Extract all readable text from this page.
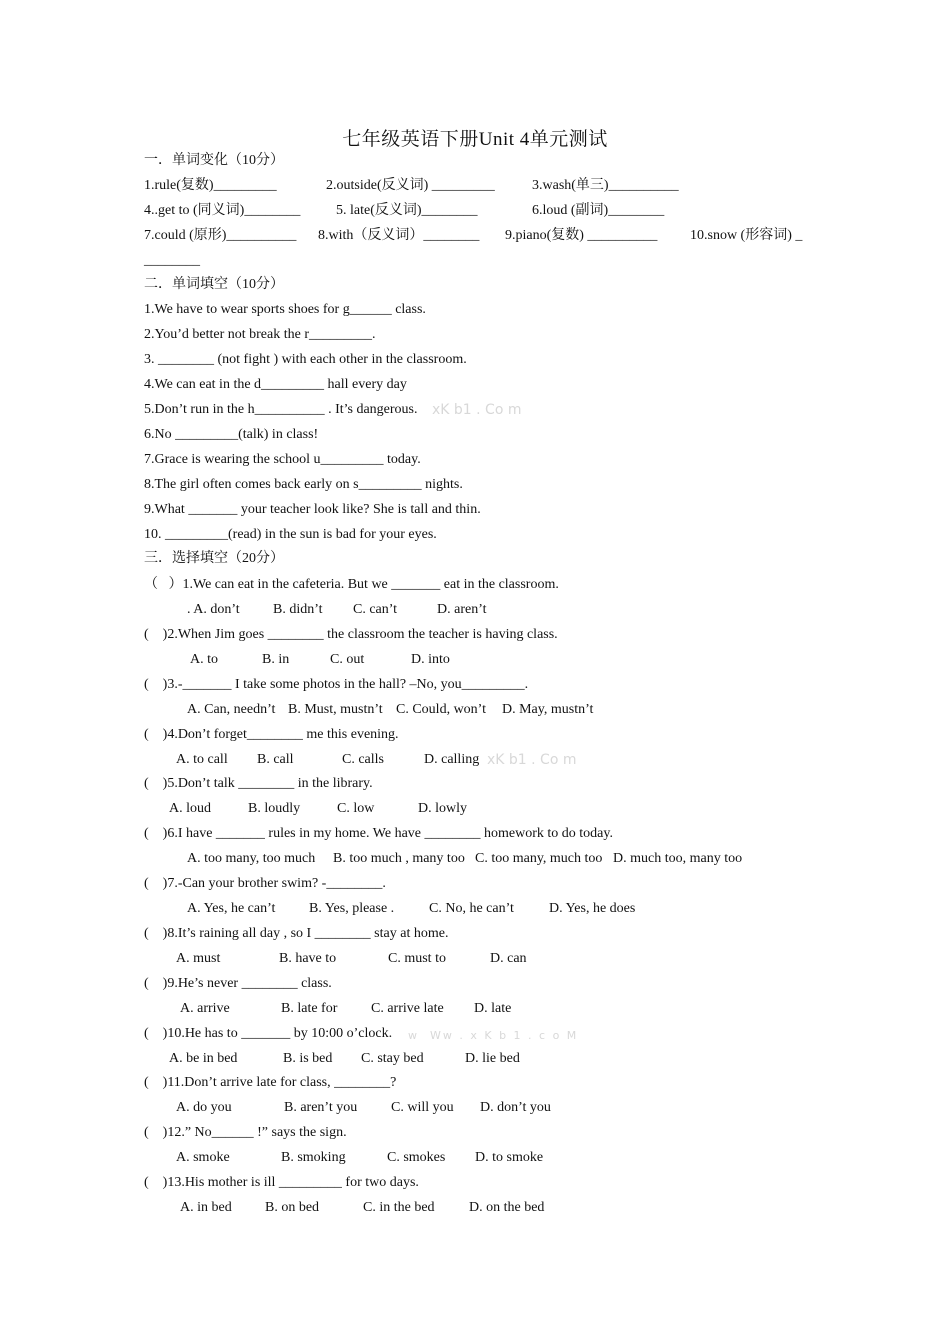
七年级英语下册Unit 4单元测试
一．单词变化（10分）
1.rule(复数)_________	2.outside(反义词) _________	3.wash(单三)__________
4..get to (同义词)________	5. late(反义词)________	6.loud (副词)________
7.could (原形)__________ 8.with（反义词）________ 9.piano(复数) __________ 10.snow (形容词) _
________
二．单词填空（10分）
1.We have to wear sports shoes for g______ class.
2.You’d better not break the r_________.
3. ________ (not fight ) with each other in the classroom.
4.We can eat in the d_________ hall every day
5.Don’t run in the h__________ . It’s dangerous. xK b1 . Co m
6.No _________(talk) in class!
7.Grace is wearing the school u_________ today.
8.The girl often comes back early on s_________ nights.
9.What _______ your teacher look like? She is tall and thin.
10. _________(read) in the sun is bad for your eyes.
三．选择填空（20分）
（   ）1.We can eat in the cafeteria. But we _______ eat in the classroom.
. A. don’t B. didn’t C. can’t	D. aren’t
(    )2.When Jim goes ________ the classroom the teacher is having class.
A. to	B. in	C. out	D. into
(    )3.-_______ I take some photos in the hall? –No, you_________.
A. Can, needn’t B. Must, mustn’t C. Could, won’t D. May, mustn’t
(    )4.Don’t forget________ me this evening.
A. to call B. call	C. calls	D. calling xK b1 . Co m
(    )5.Don’t talk ________ in the library.
A. loud	B. loudly	C. low	D. lowly
(    )6.I have _______ rules in my home. We have ________ homework to do today.
A. too many, too much B. too much , many too C. too many, much too D. much too, many too
(    )7.-Can your brother swim? -________.
A. Yes, he can’t B. Yes, please . C. No, he can’t	D. Yes, he does
(    )8.It’s raining all day , so I ________ stay at home.
A. must	B. have to	C. must to	D. can
(    )9.He’s never ________ class.
A. arrive	B. late for C. arrive late D. late
(    )10.He has to _______ by 10:00 o’clock. w  Ww . x K b 1 . c o M
A. be in bed	B. is bed C. stay bed	D. lie bed
(    )11.Don’t arrive late for class, ________?
A. do you	B. aren’t you C. will you D. don’t you
(    )12.” No______ !” says the sign.
A. smoke	B. smoking	C. smokes D. to smoke
(    )13.His mother is ill _________ for two days.
A. in bed B. on bed	C. in the bed D. on the bed
